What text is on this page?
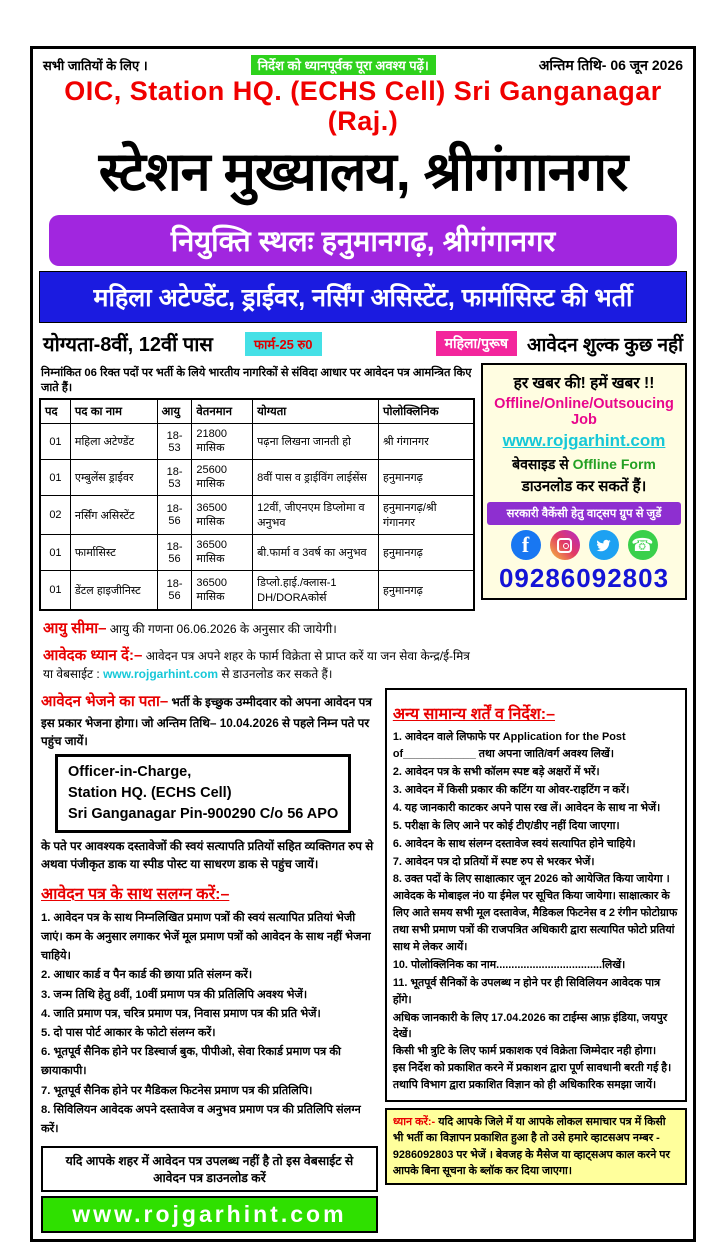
सभी जातियों के लिए ।	निर्देश को ध्यानपूर्वक पूरा अवश्य पढ़ें।	अन्तिम तिथि- 06 जून 2026
OIC, Station HQ. (ECHS Cell) Sri Ganganagar (Raj.)
स्टेशन मुख्यालय, श्रीगंगानगर
नियुक्ति स्थलः हनुमानगढ़, श्रीगंगानगर
महिला अटेण्डेंट, ड्राईवर, नर्सिंग असिस्टेंट, फार्मासिस्ट की भर्ती
योग्यता-8वीं, 12वीं पास	फार्म-25 रु0	महिला/पुरूष	आवेदन शुल्क कुछ नहीं
निम्नांकित 06 रिक्त पदों पर भर्ती के लिये भारतीय नागरिकों से संविदा आधार पर आवेदन पत्र आमन्त्रित किए जाते हैं।
पद	पद का नाम	आयु	वेतनमान	योग्यता	पोलोक्लिनिक
01	महिला अटेण्डेंट	18-53	21800 मासिक	पढ़ना लिखना जानती हो	श्री गंगानगर
01	एम्बुलेंस ड्राईवर	18-53	25600 मासिक	8वीं पास व ड्राईविंग लाईसेंस	हनुमानगढ़
02	नर्सिंग असिस्टेंट	18-56	36500 मासिक	12वीं, जीएनएम डिप्लोमा व अनुभव	हनुमानगढ़/श्री गंगानगर
01	फार्मासिस्ट	18-56	36500 मासिक	बी.फार्मा व 3वर्ष का अनुभव	हनुमानगढ़
01	डेंटल हाइजीनिस्ट	18-56	36500 मासिक	डिप्लो.हाई./क्लास-1 DH/DORAकोर्स	हनुमानगढ़
आयु सीमा– आयु की गणना 06.06.2026 के अनुसार की जायेगी।
आवेदक ध्यान दें:– आवेदन पत्र अपने शहर के फार्म विक्रेता से प्राप्त करें या जन सेवा केन्द्र/ई-मित्र या वेबसाईट : www.rojgarhint.com से डाउनलोड कर सकते हैं।
हर खबर की! हमें खबर !!
Offline/Online/Outsoucing Job
www.rojgarhint.com
बेवसाइड से Offline Form
डाउनलोड कर सकतें हैं।
सरकारी वैकेंसी हेतु वाट्सप ग्रुप से जुडें
f	☎
09286092803
आवेदन भेजने का पता– भर्ती के इच्छुक उम्मीदवार को अपना आवेदन पत्र इस प्रकार भेजना होगा। जो अन्तिम तिथि– 10.04.2026 से पहले निम्न पते पर पहुंच जायें।
Officer-in-Charge,
Station HQ. (ECHS Cell)
Sri Ganganagar Pin-900290 C/o 56 APO
के पते पर आवश्यक दस्तावेजों की स्वयं सत्यापति प्रतियों सहित व्यक्तिगत रुप से अथवा पंजीकृत डाक या स्पीड पोस्ट या साधरण डाक से पहुंच जायें।
आवेदन पत्र के साथ सलग्न करें:–
1. आवेदन पत्र के साथ निम्नलिखित प्रमाण पत्रों की स्वयं सत्यापित प्रतियां भेजी जाएं। कम के अनुसार लगाकर भेजें मूल प्रमाण पत्रों को आवेदन के साथ नहीं भेजना चाहिये।
2. आधार कार्ड व पैन कार्ड की छाया प्रति संलग्न करें।
3. जन्म तिथि हेतु 8वीं, 10वीं प्रमाण पत्र की प्रतिलिपि अवश्य भेजें।
4. जाति प्रमाण पत्र, चरित्र प्रमाण पत्र, निवास प्रमाण पत्र की प्रति भेजें।
5. दो पास पोर्ट आकार के फोटो संलग्न करें।
6. भूतपूर्व सैनिक होने पर डिस्चार्ज बुक, पीपीओ, सेवा रिकार्ड प्रमाण पत्र की छायाकापी।
7. भूतपूर्व सैनिक होने पर मैडिकल फिटनेस प्रमाण पत्र की प्रतिलिपि।
8. सिविलियन आवेदक अपने दस्तावेज व अनुभव प्रमाण पत्र की प्रतिलिपि संलग्न करें।
यदि आपके शहर में आवेदन पत्र उपलब्ध नहीं है तो इस वेबसाईट से आवेदन पत्र डाउनलोड करें
www.rojgarhint.com
अन्य सामान्य शर्तें व निर्देश:–
1. आवेदन वाले लिफाफे पर Application for the Post of____________ तथा अपना जाति/वर्ग अवश्य लिखें।
2. आवेदन पत्र के सभी कॉलम स्पष्ट बड़े अक्षरों में भरें।
3. आवेदन में किसी प्रकार की कटिंग या ओवर-राइटिंग न करें।
4. यह जानकारी काटकर अपने पास रख लें। आवेदन के साथ ना भेजें।
5. परीक्षा के लिए आने पर कोई टीए/डीए नहीं दिया जाएगा।
6. आवेदन के साथ संलग्न दस्तावेज स्वयं सत्यापित होने चाहिये।
7. आवेदन पत्र दो प्रतियों में स्पष्ट रुप से भरकर भेजें।
8. उक्त पदों के लिए साक्षात्कार जून 2026 को आयेजित किया जायेगा । आवेदक के मोबाइल नं0 या ईमेल पर सूचित किया जायेगा। साक्षात्कार के लिए आते समय सभी मूल दस्तावेज, मैडिकल फिटनेस व 2 रंगीन फोटोग्राफ तथा सभी प्रमाण पत्रों की राजपत्रित अधिकारी द्वारा सत्यापित फोटो प्रतियां साथ मे लेकर आयें।
10. पोलोक्लिनिक का नाम...................................लिखें।
11. भूतपूर्व सैनिकों के उपलब्ध न होने पर ही सिविलियन आवेदक पात्र होंगे।
अधिक जानकारी के लिए 17.04.2026 का टाईम्स आफ़ इंडिया, जयपुर देखें।
किसी भी त्रुटि के लिए फार्म प्रकाशक एवं विक्रेता जिम्मेदार नही होगा।
इस निर्देश को प्रकाशित करने में प्रकाशन द्वारा पूर्ण सावधानी बरती गई है। तथापि विभाग द्वारा प्रकाशित विज्ञान को ही अधिकारिक समझा जायें।
ध्यान करें:- यदि आपके जिले में या आपके लोकल समाचार पत्र में किसी भी भर्ती का विज्ञापन प्रकाशित हुआ है तो उसे हमारे व्हाटसअप नम्बर - 9286092803 पर भेजें । बेवजह के मैसेज या व्हाट्सअप काल करने पर आपके बिना सूचना के ब्लॉक कर दिया जाएगा।
